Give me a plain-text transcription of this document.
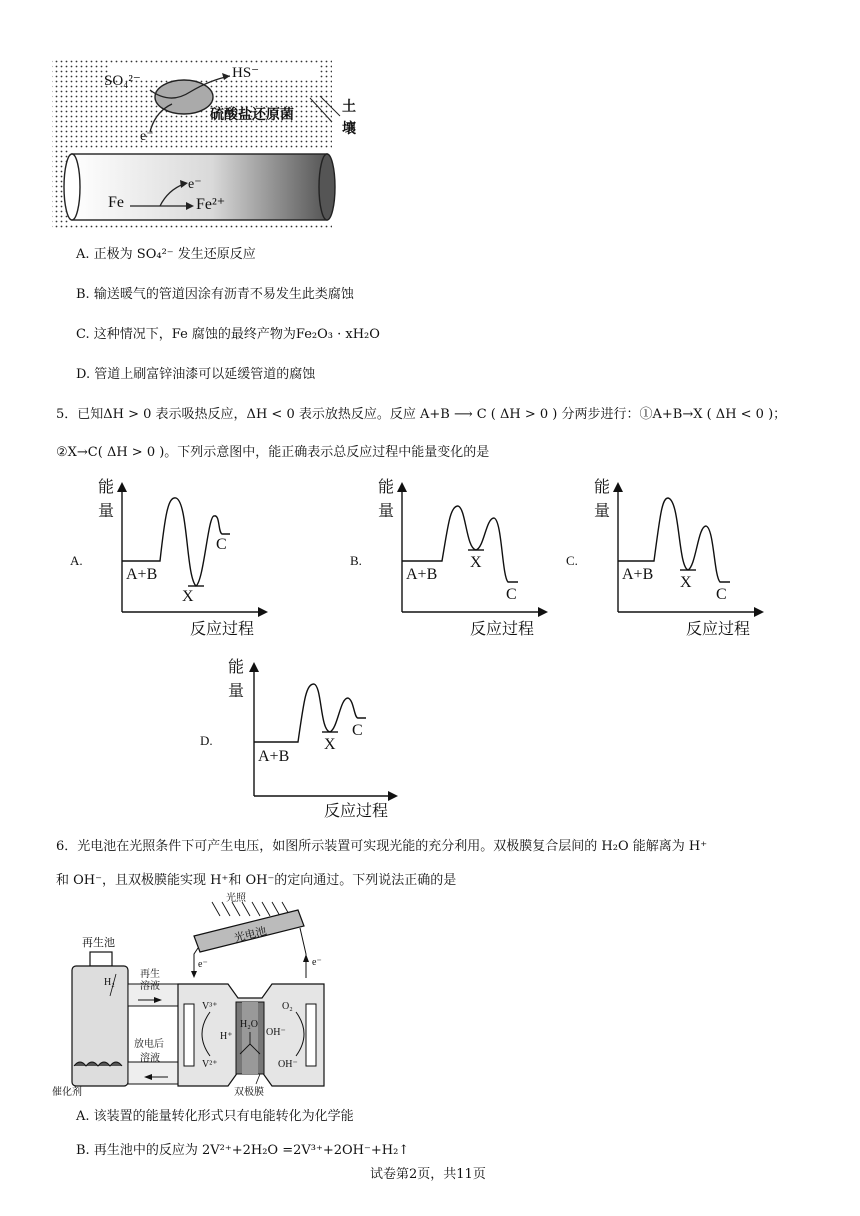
SO₄²⁻	HS⁻
e⁻
硫酸盐还原菌	土壤
e⁻
Fe	Fe²⁺
A. 正极为 SO₄²⁻ 发生还原反应
B. 输送暖气的管道因涂有沥青不易发生此类腐蚀
C. 这种情况下，Fe 腐蚀的最终产物为Fe₂O₃ · xH₂O
D. 管道上刷富锌油漆可以延缓管道的腐蚀
5．已知ΔH > 0 表示吸热反应，ΔH < 0 表示放热反应。反应 A+B ⟶ C ( ΔH > 0 ) 分两步进行：①A+B→X ( ΔH < 0 )；
②X→C( ΔH > 0 )。下列示意图中，能正确表示总反应过程中能量变化的是
A.
能
量
A+B
X
C
反应过程
B.
能
量
A+B
X
C
反应过程
C.
能
量
A+B X
C
反应过程
D.
能
量
A+B
X
C
反应过程
6．光电池在光照条件下可产生电压，如图所示装置可实现光能的充分利用。双极膜复合层间的 H₂O 能解离为 H⁺
和 OH⁻，且双极膜能实现 H⁺和 OH⁻的定向通过。下列说法正确的是
光照
光电池
再生池
H₂
再生
溶液
放电后
溶液
催化剂
e⁻	e⁻
V³⁺
V²⁺
H⁺
H₂O
OH⁻
O₂
OH⁻
双极膜
A. 该装置的能量转化形式只有电能转化为化学能
B. 再生池中的反应为 2V²⁺+2H₂O =2V³⁺+2OH⁻+H₂↑
试卷第2页，共11页
